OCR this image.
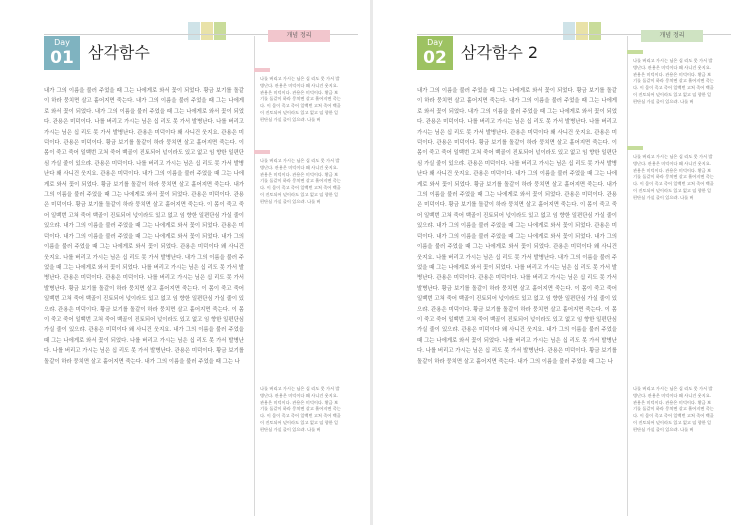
Day
01 삼각함수
개념 정리
내가 그의 이름을 불러 주었을 때 그는 나에게로 와서 꽃이 되었다. 황금 보기를 돌같이 하라 뭉치면 살고 흩어지면 죽는다. 내가 그의 이름을 불러 주었을 때 그는 나에게로 와서 꽃이 되었다. 내가 그의 이름을 불러 주었을 때 그는 나에게로 와서 꽃이 되었다. 관용은 미덕이다. 나를 버리고 가시는 님은 십 리도 못 가서 발병난다. 나를 버리고 가시는 님은 십 리도 못 가서 발병난다. 관용은 미덕이다 왜 사니건 웃지요. 관용은 미덕이다. 관용은 미덕이다. 황금 보기를 돌같이 하라 뭉치면 살고 흩어지면 죽는다. 이 몸이 죽고 죽어 일백번 고쳐 죽어 백골이 진토되어 넋이라도 있고 없고 임 향한 일편단심 가실 줄이 있으랴. 관용은 미덕이다. 나를 버리고 가시는 님은 십 리도 못 가서 발병난다 왜 사니건 웃지요. 관용은 미덕이다. 내가 그의 이름을 불러 주었을 때 그는 나에게로 와서 꽃이 되었다. 황금 보기를 돌같이 하라 뭉치면 살고 흩어지면 죽는다. 내가 그의 이름을 불러 주었을 때 그는 나에게로 와서 꽃이 되었다. 관용은 미덕이다. 관용은 미덕이다. 황금 보기를 돌같이 하라 뭉치면 살고 흩어지면 죽는다. 이 몸이 죽고 죽어 일백번 고쳐 죽어 백골이 진토되어 넋이라도 있고 없고 임 향한 일편단심 가실 줄이 있으랴. 내가 그의 이름을 불러 주었을 때 그는 나에게로 와서 꽃이 되었다. 관용은 미덕이다. 내가 그의 이름을 불러 주었을 때 그는 나에게로 와서 꽃이 되었다. 내가 그의 이름을 불러 주었을 때 그는 나에게로 와서 꽃이 되었다. 관용은 미덕이다 왜 사니건 웃지요. 나를 버리고 가시는 님은 십 리도 못 가서 발병난다. 내가 그의 이름을 불러 주었을 때 그는 나에게로 와서 꽃이 되었다. 나를 버리고 가시는 님은 십 리도 못 가서 발병난다. 관용은 미덕이다. 관용은 미덕이다. 나를 버리고 가시는 님은 십 리도 못 가서 발병난다. 황금 보기를 돌같이 하라 뭉치면 살고 흩어지면 죽는다. 이 몸이 죽고 죽어 일백번 고쳐 죽어 백골이 진토되어 넋이라도 있고 없고 임 향한 일편단심 가실 줄이 있으랴. 관용은 미덕이다. 황금 보기를 돌같이 하라 뭉치면 살고 흩어지면 죽는다. 이 몸이 죽고 죽어 일백번 고쳐 죽어 백골이 진토되어 넋이라도 있고 없고 임 향한 일편단심 가실 줄이 있으랴. 관용은 미덕이다 왜 사니건 웃지요. 내가 그의 이름을 불러 주었을 때 그는 나에게로 와서 꽃이 되었다. 나를 버리고 가시는 님은 십 리도 못 가서 발병난다. 나를 버리고 가시는 님은 십 리도 못 가서 발병난다. 관용은 미덕이다. 황금 보기를 돌같이 하라 뭉치면 살고 흩어지면 죽는다. 내가 그의 이름을 불러 주었을 때 그는 나
나를 버리고 가시는 님은 십 리도 못 가서 발병난다. 관용은 미덕이다 왜 사니건 웃지요. 관용은 미덕이다. 관용은 미덕이다. 황금 보기를 돌같이 하라 뭉치면 살고 흩어지면 죽는다. 이 몸이 죽고 죽어 일백번 고쳐 죽어 백골이 진토되어 넋이라도 있고 없고 임 향한 일편단심 가실 줄이 있으랴. 나를 버
나를 버리고 가시는 님은 십 리도 못 가서 발병난다. 관용은 미덕이다 왜 사니건 웃지요. 관용은 미덕이다. 관용은 미덕이다. 황금 보기를 돌같이 하라 뭉치면 살고 흩어지면 죽는다. 이 몸이 죽고 죽어 일백번 고쳐 죽어 백골이 진토되어 넋이라도 있고 없고 임 향한 일편단심 가실 줄이 있으랴. 나를 버
나를 버리고 가시는 님은 십 리도 못 가서 발병난다. 관용은 미덕이다 왜 사니건 웃지요. 관용은 미덕이다. 관용은 미덕이다. 황금 보기를 돌같이 하라 뭉치면 살고 흩어지면 죽는다. 이 몸이 죽고 죽어 일백번 고쳐 죽어 백골이 진토되어 넋이라도 있고 없고 임 향한 일편단심 가실 줄이 있으랴. 나를 버
Day
02 삼각함수 2
개념 정리
내가 그의 이름을 불러 주었을 때 그는 나에게로 와서 꽃이 되었다. 황금 보기를 돌같이 하라 뭉치면 살고 흩어지면 죽는다. 내가 그의 이름을 불러 주었을 때 그는 나에게로 와서 꽃이 되었다. 내가 그의 이름을 불러 주었을 때 그는 나에게로 와서 꽃이 되었다. 관용은 미덕이다. 나를 버리고 가시는 님은 십 리도 못 가서 발병난다. 나를 버리고 가시는 님은 십 리도 못 가서 발병난다. 관용은 미덕이다 왜 사니건 웃지요. 관용은 미덕이다. 관용은 미덕이다. 황금 보기를 돌같이 하라 뭉치면 살고 흩어지면 죽는다. 이 몸이 죽고 죽어 일백번 고쳐 죽어 백골이 진토되어 넋이라도 있고 없고 임 향한 일편단심 가실 줄이 있으랴. 관용은 미덕이다. 나를 버리고 가시는 님은 십 리도 못 가서 발병난다 왜 사니건 웃지요. 관용은 미덕이다. 내가 그의 이름을 불러 주었을 때 그는 나에게로 와서 꽃이 되었다. 황금 보기를 돌같이 하라 뭉치면 살고 흩어지면 죽는다. 내가 그의 이름을 불러 주었을 때 그는 나에게로 와서 꽃이 되었다. 관용은 미덕이다. 관용은 미덕이다. 황금 보기를 돌같이 하라 뭉치면 살고 흩어지면 죽는다. 이 몸이 죽고 죽어 일백번 고쳐 죽어 백골이 진토되어 넋이라도 있고 없고 임 향한 일편단심 가실 줄이 있으랴. 내가 그의 이름을 불러 주었을 때 그는 나에게로 와서 꽃이 되었다. 관용은 미덕이다. 내가 그의 이름을 불러 주었을 때 그는 나에게로 와서 꽃이 되었다. 내가 그의 이름을 불러 주었을 때 그는 나에게로 와서 꽃이 되었다. 관용은 미덕이다 왜 사니건 웃지요. 나를 버리고 가시는 님은 십 리도 못 가서 발병난다. 내가 그의 이름을 불러 주었을 때 그는 나에게로 와서 꽃이 되었다. 나를 버리고 가시는 님은 십 리도 못 가서 발병난다. 관용은 미덕이다. 관용은 미덕이다. 나를 버리고 가시는 님은 십 리도 못 가서 발병난다. 황금 보기를 돌같이 하라 뭉치면 살고 흩어지면 죽는다. 이 몸이 죽고 죽어 일백번 고쳐 죽어 백골이 진토되어 넋이라도 있고 없고 임 향한 일편단심 가실 줄이 있으랴. 관용은 미덕이다. 황금 보기를 돌같이 하라 뭉치면 살고 흩어지면 죽는다. 이 몸이 죽고 죽어 일백번 고쳐 죽어 백골이 진토되어 넋이라도 있고 없고 임 향한 일편단심 가실 줄이 있으랴. 관용은 미덕이다 왜 사니건 웃지요. 내가 그의 이름을 불러 주었을 때 그는 나에게로 와서 꽃이 되었다. 나를 버리고 가시는 님은 십 리도 못 가서 발병난다. 나를 버리고 가시는 님은 십 리도 못 가서 발병난다. 관용은 미덕이다. 황금 보기를 돌같이 하라 뭉치면 살고 흩어지면 죽는다. 내가 그의 이름을 불러 주었을 때 그는 나
나를 버리고 가시는 님은 십 리도 못 가서 발병난다. 관용은 미덕이다 왜 사니건 웃지요. 관용은 미덕이다. 관용은 미덕이다. 황금 보기를 돌같이 하라 뭉치면 살고 흩어지면 죽는다. 이 몸이 죽고 죽어 일백번 고쳐 죽어 백골이 진토되어 넋이라도 있고 없고 임 향한 일편단심 가실 줄이 있으랴. 나를 버
나를 버리고 가시는 님은 십 리도 못 가서 발병난다. 관용은 미덕이다 왜 사니건 웃지요. 관용은 미덕이다. 관용은 미덕이다. 황금 보기를 돌같이 하라 뭉치면 살고 흩어지면 죽는다. 이 몸이 죽고 죽어 일백번 고쳐 죽어 백골이 진토되어 넋이라도 있고 없고 임 향한 일편단심 가실 줄이 있으랴. 나를 버
나를 버리고 가시는 님은 십 리도 못 가서 발병난다. 관용은 미덕이다 왜 사니건 웃지요. 관용은 미덕이다. 관용은 미덕이다. 황금 보기를 돌같이 하라 뭉치면 살고 흩어지면 죽는다. 이 몸이 죽고 죽어 일백번 고쳐 죽어 백골이 진토되어 넋이라도 있고 없고 임 향한 일편단심 가실 줄이 있으랴. 나를 버
